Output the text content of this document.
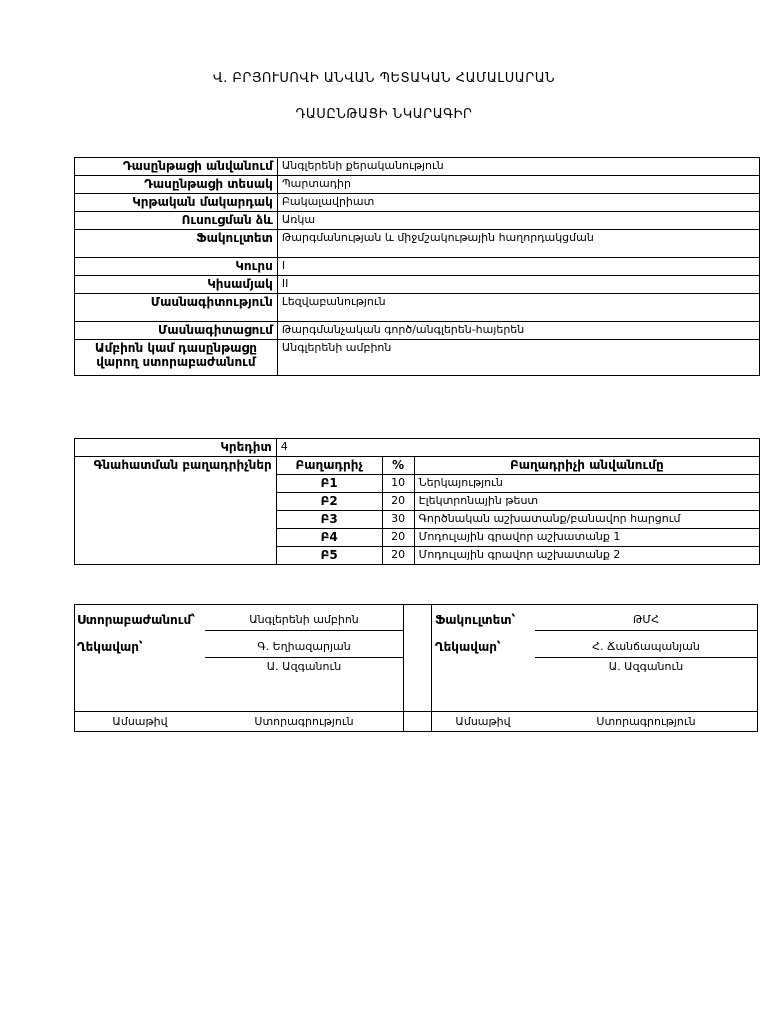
Վ. ԲՐՅՈՒՍՈՎԻ ԱՆՎԱՆ ՊԵՏԱԿԱՆ ՀԱՄԱԼՍԱՐԱՆ
ԴԱՍԸՆԹԱՑԻ ՆԿԱՐԱԳԻՐ
Դասընթացի անվանում	Անգլերենի քերականություն
Դասընթացի տեսակ	Պարտադիր
Կրթական մակարդակ	Բակալավրիատ
Ուսուցման ձև	Առկա
Ֆակուլտետ	Թարգմանության և միջմշակութային հաղորդակցման
Կուրս	I
Կիսամյակ	II
Մասնագիտություն	Լեզվաբանություն
Մասնագիտացում	Թարգմանչական գործ/անգլերեն-հայերեն
Ամբիոն կամ դասընթացը վարող ստորաբաժանում	Անգլերենի ամբիոն
Կրեդիտ	4		
Գնահատման բաղադրիչներ	Բաղադրիչ	%	Բաղադրիչի անվանումը
	Բ1	10	Ներկայություն
	Բ2	20	Էլեկտրոնային թեստ
	Բ3	30	Գործնական աշխատանք/բանավոր հարցում
	Բ4	20	Մոդուլային գրավոր աշխատանք 1
	Բ5	20	Մոդուլային գրավոր աշխատանք 2
Ստորաբաժանում՝	Անգլերենի ամբիոն
Ղեկավար՝	Գ. Եղիազարյան
Ա. Ազգանուն
Ամսաթիվ	Ստորագրություն
Ֆակուլտետ՝	ԹՄՀ
Ղեկավար՝	Հ. Ճանճապանյան
Ա. Ազգանուն
Ամսաթիվ	Ստորագրություն
